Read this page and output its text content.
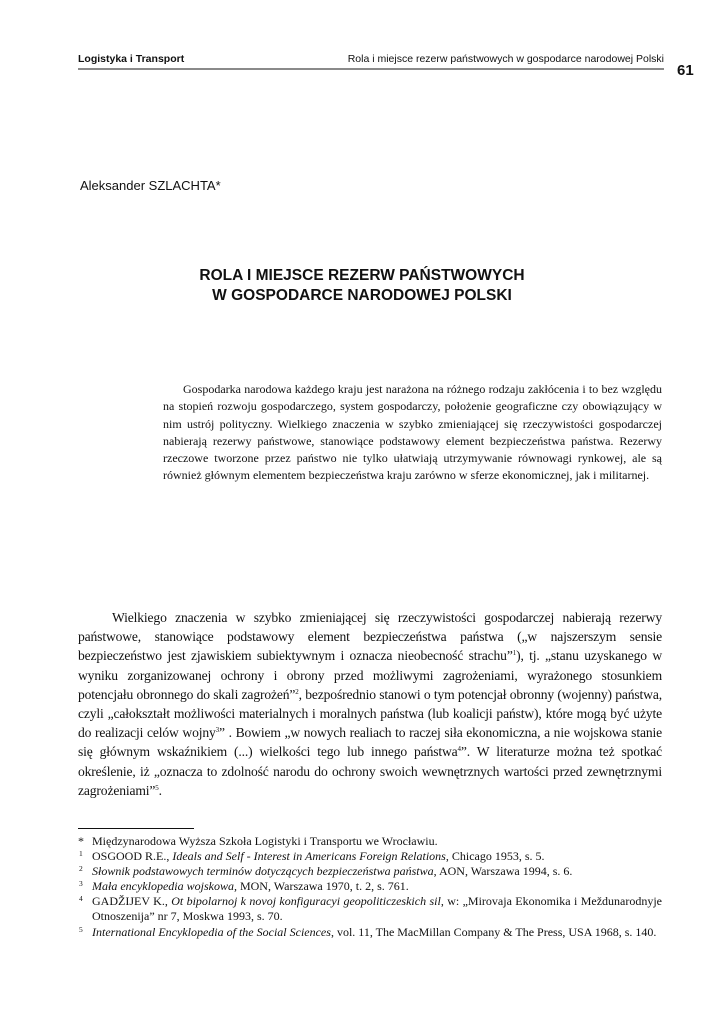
Logistyka i Transport	Rola i miejsce rezerw państwowych w gospodarce narodowej Polski
61
Aleksander SZLACHTA*
ROLA I MIEJSCE REZERW PAŃSTWOWYCH
W GOSPODARCE NARODOWEJ POLSKI

Gospodarka narodowa każdego kraju jest narażona na różnego rodzaju zakłócenia i to bez względu na stopień rozwoju gospodarczego, system gospodarczy, położenie geograficzne czy obowiązujący w nim ustrój polityczny. Wielkiego znaczenia w szybko zmieniającej się rzeczywistości gospodarczej nabierają rezerwy państwowe, stanowiące podstawowy element bezpieczeństwa państwa. Rezerwy rzeczowe tworzone przez państwo nie tylko ułatwiają utrzymywanie równowagi rynkowej, ale są również głównym elementem bezpieczeństwa kraju zarówno w sferze ekonomicznej, jak i militarnej.

Wielkiego znaczenia w szybko zmieniającej się rzeczywistości gospodarczej nabierają rezerwy państwowe, stanowiące podstawowy element bezpieczeństwa państwa („w najszerszym sensie bezpieczeństwo jest zjawiskiem subiektywnym i oznacza nieobecność strachu”$^1$), tj. „stanu uzyskanego w wyniku zorganizowanej ochrony i obrony przed możliwymi zagrożeniami, wyrażonego stosunkiem potencjału obronnego do skali zagrożeń”$^2$, bezpośrednio stanowi o tym potencjał obronny (wojenny) państwa, czyli „całokształt możliwości materialnych i moralnych państwa (lub koalicji państw), które mogą być użyte do realizacji celów wojny$^3$” . Bowiem „w nowych realiach to raczej siła ekonomiczna, a nie wojskowa stanie się głównym wskaźnikiem (...) wielkości tego lub innego państwa$^4$”. W literaturze można też spotkać określenie, iż „oznacza to zdolność narodu do ochrony swoich wewnętrznych wartości przed zewnętrznymi zagrożeniami”$^5$.

* Międzynarodowa Wyższa Szkoła Logistyki i Transportu we Wrocławiu.

1 OSGOOD R.E., Ideals and Self - Interest in Americans Foreign Relations, Chicago 1953, s. 5.

2 Słownik podstawowych terminów dotyczących bezpieczeństwa państwa, AON, Warszawa 1994, s. 6.

3 Mała encyklopedia wojskowa, MON, Warszawa 1970, t. 2, s. 761.

4 GADŽIJEV K., Ot bipolarnoj k novoj konfiguracyi geopoliticzeskich sil, w: „Mirovaja Ekonomika i Meždunarodnyje Otnoszenija” nr 7, Moskwa 1993, s. 70.

5 International Encyklopedia of the Social Sciences, vol. 11, The MacMillan Company & The Press, USA 1968, s. 140.
